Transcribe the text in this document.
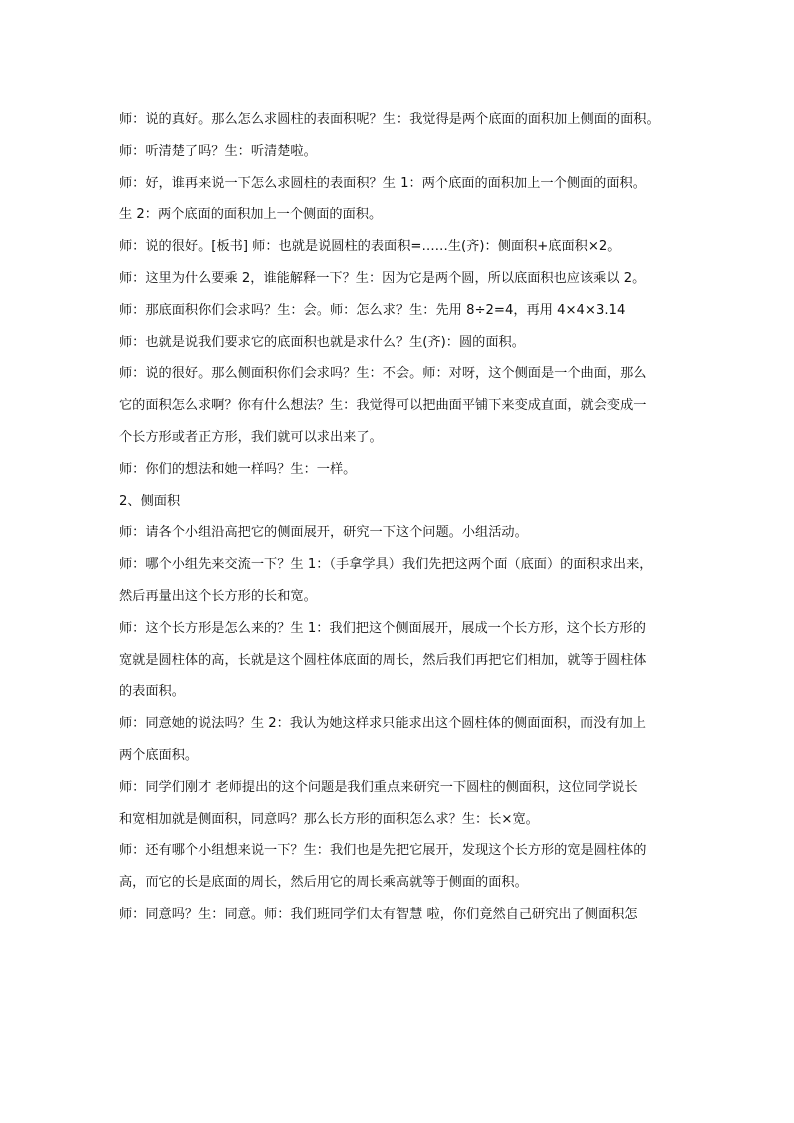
师：说的真好。那么怎么求圆柱的表面积呢？生：我觉得是两个底面的面积加上侧面的面积。
师：听清楚了吗？生：听清楚啦。
师：好，谁再来说一下怎么求圆柱的表面积？生 1：两个底面的面积加上一个侧面的面积。
生 2：两个底面的面积加上一个侧面的面积。
师：说的很好。[板书] 师：也就是说圆柱的表面积=……生(齐)：侧面积+底面积×2。
师：这里为什么要乘 2，谁能解释一下？生：因为它是两个圆，所以底面积也应该乘以 2。
师：那底面积你们会求吗？生：会。师：怎么求？生：先用 8÷2=4，再用 4×4×3.14
师：也就是说我们要求它的底面积也就是求什么？生(齐)：圆的面积。
师：说的很好。那么侧面积你们会求吗？生：不会。师：对呀，这个侧面是一个曲面，那么
它的面积怎么求啊？你有什么想法？生：我觉得可以把曲面平铺下来变成直面，就会变成一
个长方形或者正方形，我们就可以求出来了。
师：你们的想法和她一样吗？生：一样。
2、侧面积
师：请各个小组沿高把它的侧面展开，研究一下这个问题。小组活动。
师：哪个小组先来交流一下？生 1：（手拿学具）我们先把这两个面（底面）的面积求出来，
然后再量出这个长方形的长和宽。
师：这个长方形是怎么来的？生 1：我们把这个侧面展开，展成一个长方形，这个长方形的
宽就是圆柱体的高，长就是这个圆柱体底面的周长，然后我们再把它们相加，就等于圆柱体
的表面积。
师：同意她的说法吗？生 2：我认为她这样求只能求出这个圆柱体的侧面面积，而没有加上
两个底面积。
师：同学们刚才 老师提出的这个问题是我们重点来研究一下圆柱的侧面积，这位同学说长
和宽相加就是侧面积，同意吗？那么长方形的面积怎么求？生：长×宽。
师：还有哪个小组想来说一下？生：我们也是先把它展开，发现这个长方形的宽是圆柱体的
高，而它的长是底面的周长，然后用它的周长乘高就等于侧面的面积。
师：同意吗？生：同意。师：我们班同学们太有智慧 啦，你们竟然自己研究出了侧面积怎
